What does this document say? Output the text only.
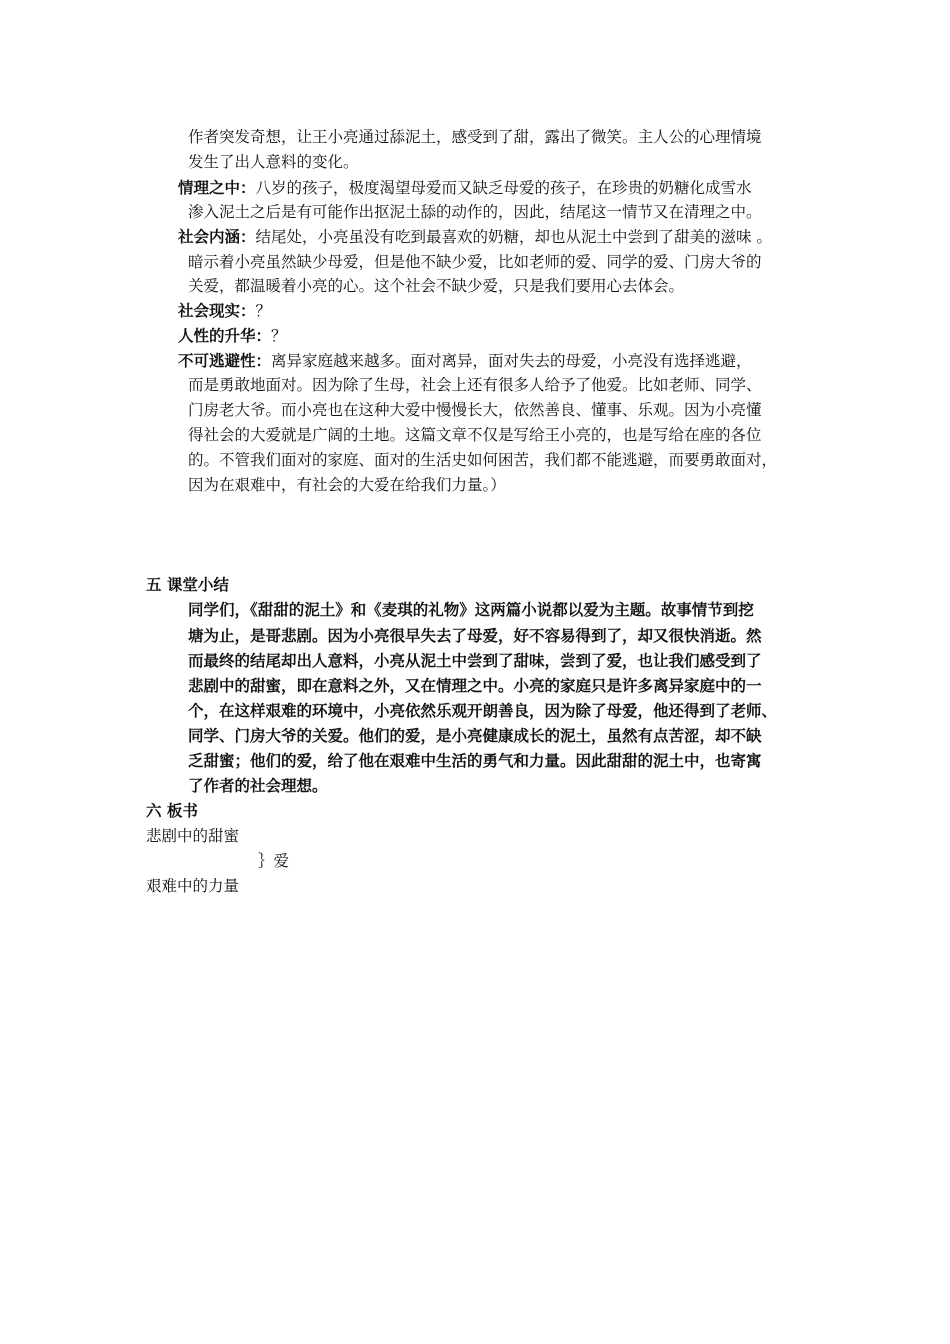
作者突发奇想，让王小亮通过舔泥土，感受到了甜，露出了微笑。主人公的心理情境
发生了出人意料的变化。
情理之中：八岁的孩子，极度渴望母爱而又缺乏母爱的孩子，在珍贵的奶糖化成雪水
渗入泥土之后是有可能作出抠泥土舔的动作的，因此，结尾这一情节又在清理之中。
社会内涵：结尾处，小亮虽没有吃到最喜欢的奶糖，却也从泥土中尝到了甜美的滋味 。
暗示着小亮虽然缺少母爱，但是他不缺少爱，比如老师的爱、同学的爱、门房大爷的
关爱，都温暖着小亮的心。这个社会不缺少爱，只是我们要用心去体会。
社会现实：？
人性的升华：？
不可逃避性：离异家庭越来越多。面对离异，面对失去的母爱，小亮没有选择逃避，
而是勇敢地面对。因为除了生母，社会上还有很多人给予了他爱。比如老师、同学、
门房老大爷。而小亮也在这种大爱中慢慢长大，依然善良、懂事、乐观。因为小亮懂
得社会的大爱就是广阔的土地。这篇文章不仅是写给王小亮的，也是写给在座的各位
的。不管我们面对的家庭、面对的生活史如何困苦，我们都不能逃避，而要勇敢面对，
因为在艰难中，有社会的大爱在给我们力量。）
五 课堂小结
同学们，《甜甜的泥土》和《麦琪的礼物》这两篇小说都以爱为主题。故事情节到挖
塘为止，是哥悲剧。因为小亮很早失去了母爱，好不容易得到了，却又很快消逝。然
而最终的结尾却出人意料，小亮从泥土中尝到了甜味，尝到了爱，也让我们感受到了
悲剧中的甜蜜，即在意料之外，又在情理之中。小亮的家庭只是许多离异家庭中的一
个，在这样艰难的环境中，小亮依然乐观开朗善良，因为除了母爱，他还得到了老师、
同学、门房大爷的关爱。他们的爱，是小亮健康成长的泥土，虽然有点苦涩，却不缺
乏甜蜜；他们的爱，给了他在艰难中生活的勇气和力量。因此甜甜的泥土中，也寄寓
了作者的社会理想。
六 板书
悲剧中的甜蜜
｝爱
艰难中的力量
